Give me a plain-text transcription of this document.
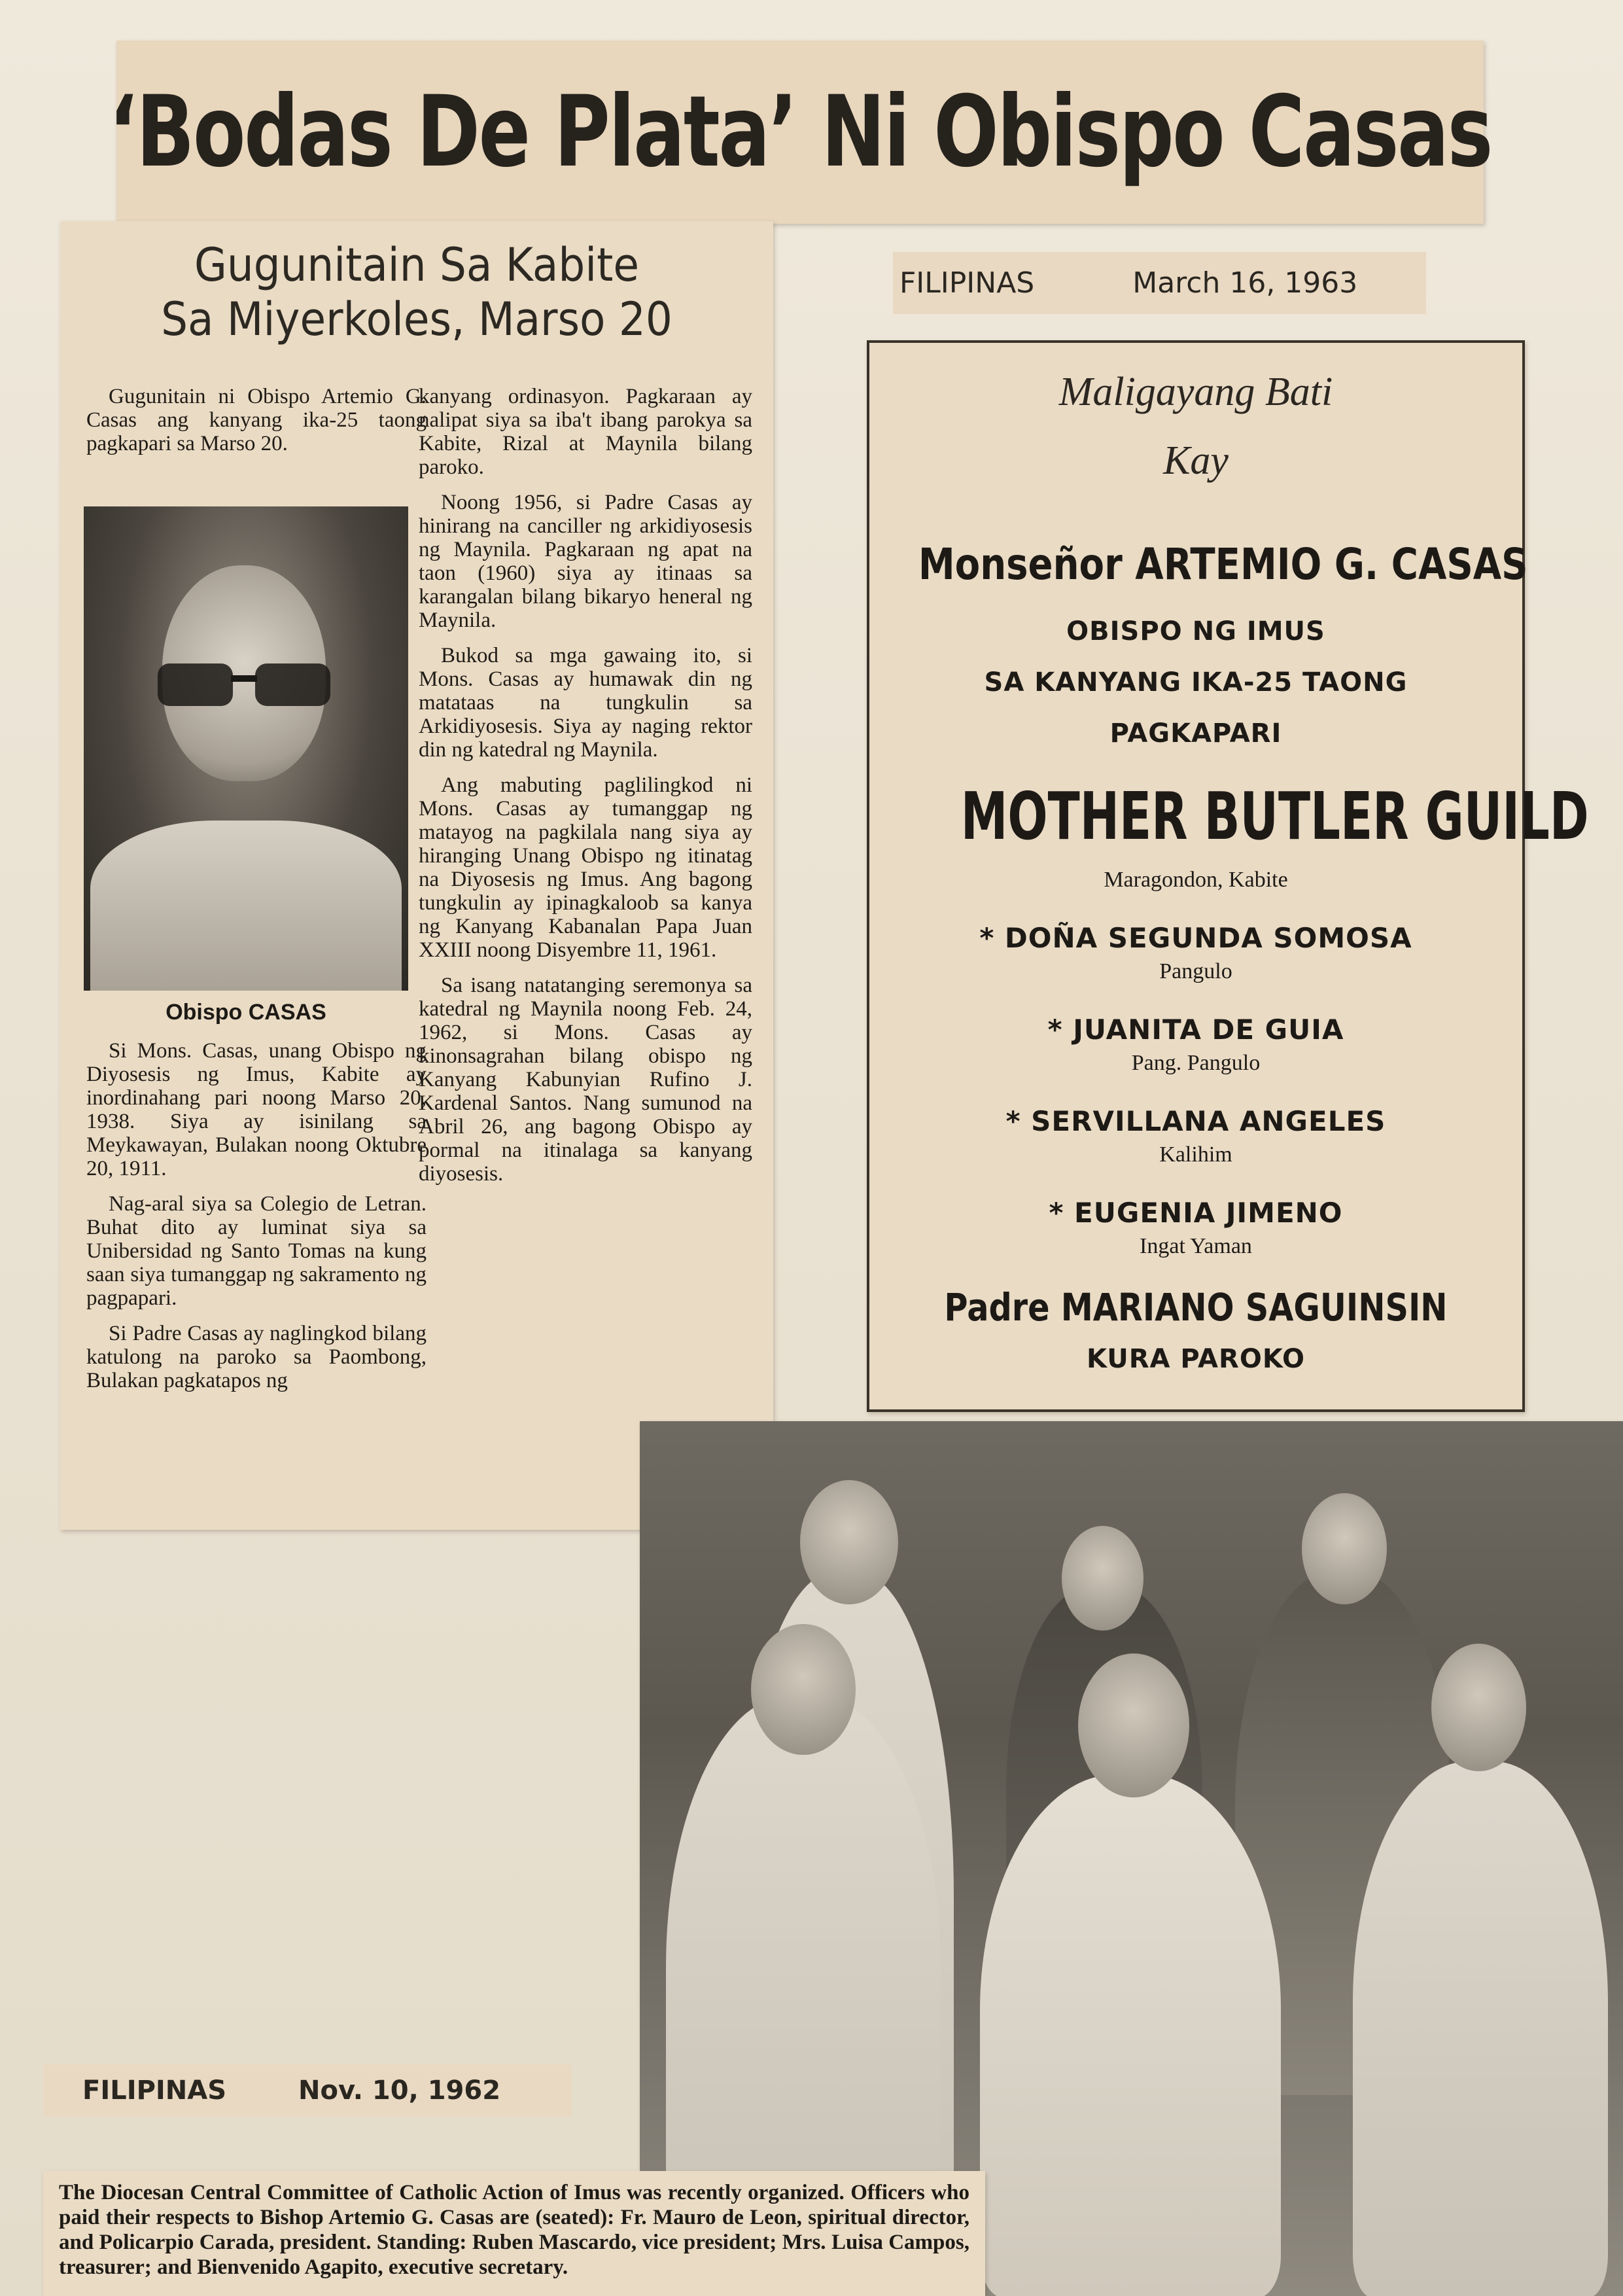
‘Bodas De Plata’ Ni Obispo Casas
Gugunitain Sa Kabite
Sa Miyerkoles, Marso 20

Gugunitain ni Obispo Artemio G. Casas ang kanyang ika-25 taong pagkapari sa Marso 20.

Obispo CASAS

Si Mons. Casas, unang Obispo ng Diyosesis ng Imus, Kabite ay inordinahang pari noong Marso 20, 1938. Siya ay isinilang sa Meykawayan, Bulakan noong Oktubre 20, 1911.

Nag-aral siya sa Colegio de Letran. Buhat dito ay luminat siya sa Unibersidad ng Santo Tomas na kung saan siya tumanggap ng sakramento ng pagpapari.

Si Padre Casas ay naglingkod bilang katulong na paroko sa Paombong, Bulakan pagkatapos ng

kanyang ordinasyon. Pagkaraan ay nalipat siya sa iba't ibang parokya sa Kabite, Rizal at Maynila bilang paroko.

Noong 1956, si Padre Casas ay hinirang na canciller ng arkidiyosesis ng Maynila. Pagkaraan ng apat na taon (1960) siya ay itinaas sa karangalan bilang bikaryo heneral ng Maynila.

Bukod sa mga gawaing ito, si Mons. Casas ay humawak din ng matataas na tungkulin sa Arkidiyosesis. Siya ay naging rektor din ng katedral ng Maynila.

Ang mabuting paglilingkod ni Mons. Casas ay tumanggap ng matayog na pagkilala nang siya ay hiranging Unang Obispo ng itinatag na Diyosesis ng Imus. Ang bagong tungkulin ay ipinagkaloob sa kanya ng Kanyang Kabanalan Papa Juan XXIII noong Disyembre 11, 1961.

Sa isang natatanging seremonya sa katedral ng Maynila noong Feb. 24, 1962, si Mons. Casas ay kinonsagrahan bilang obispo ng Kanyang Kabunyian Rufino J. Kardenal Santos. Nang sumunod na Abril 26, ang bagong Obispo ay pormal na itinalaga sa kanyang diyosesis.

FILIPINAS	March 16, 1963
Maligayang Bati
Kay
Monseñor ARTEMIO G. CASAS
OBISPO NG IMUS
SA KANYANG IKA-25 TAONG
PAGKAPARI
MOTHER BUTLER GUILD
Maragondon, Kabite
* DOÑA SEGUNDA SOMOSA
Pangulo
* JUANITA DE GUIA
Pang. Pangulo
* SERVILLANA ANGELES
Kalihim
* EUGENIA JIMENO
Ingat Yaman
Padre MARIANO SAGUINSIN
KURA PAROKO
FILIPINAS	Nov. 10, 1962

The Diocesan Central Committee of Catholic Action of Imus was recently organized. Officers who paid their respects to Bishop Artemio G. Casas are (seated): Fr. Mauro de Leon, spiritual director, and Policarpio Carada, president. Standing: Ruben Mascardo, vice president; Mrs. Luisa Campos, treasurer; and Bienvenido Agapito, executive secretary.
